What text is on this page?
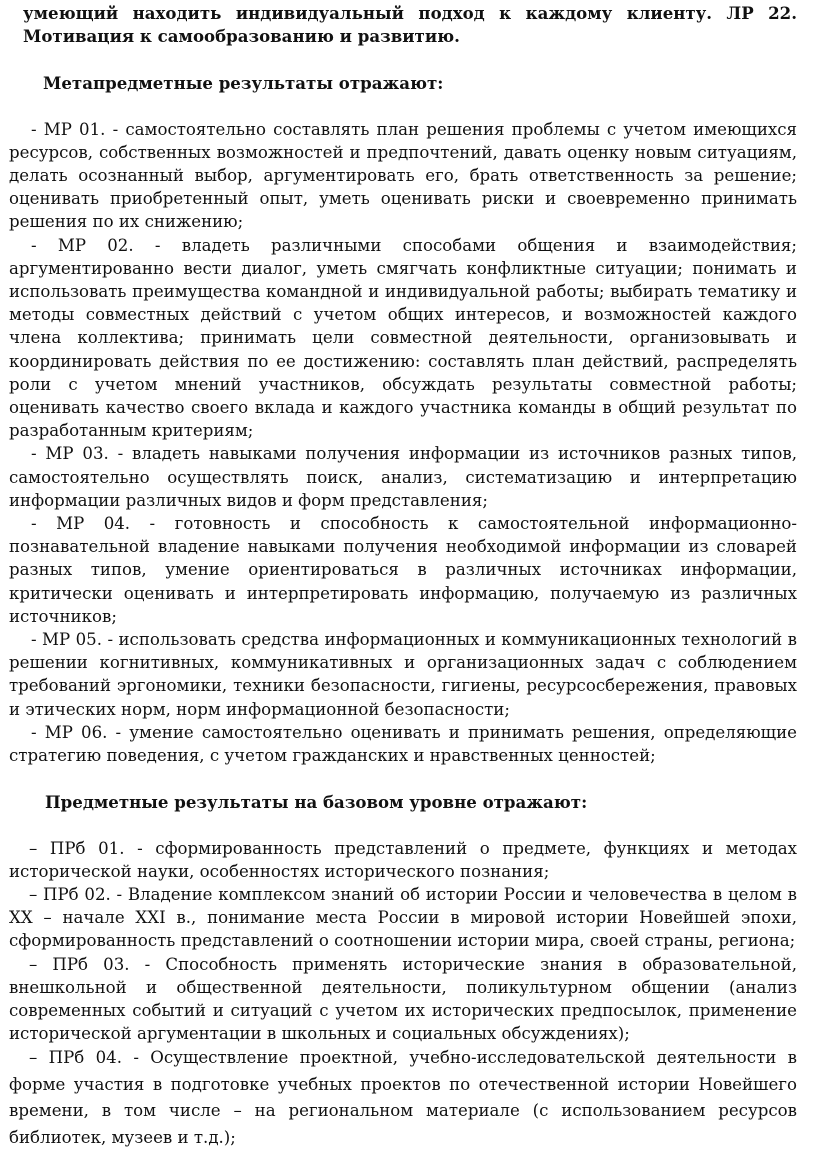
умеющий находить индивидуальный подход к каждому клиенту. ЛР 22. Мотивация к самообразованию и развитию.

Метапредметные результаты отражают:

- МР 01. - самостоятельно составлять план решения проблемы с учетом имеющихся ресурсов, собственных возможностей и предпочтений, давать оценку новым ситуациям, делать осознанный выбор, аргументировать его, брать ответственность за решение; оценивать приобретенный опыт, уметь оценивать риски и своевременно принимать решения по их снижению;

- МР 02. - владеть различными способами общения и взаимодействия; аргументированно вести диалог, уметь смягчать конфликтные ситуации; понимать и использовать преимущества командной и индивидуальной работы; выбирать тематику и методы совместных действий с учетом общих интересов, и возможностей каждого члена коллектива; принимать цели совместной деятельности, организовывать и координировать действия по ее достижению: составлять план действий, распределять роли с учетом мнений участников, обсуждать результаты совместной работы; оценивать качество своего вклада и каждого участника команды в общий результат по разработанным критериям;

- МР 03. - владеть навыками получения информации из источников разных типов, самостоятельно осуществлять поиск, анализ, систематизацию и интерпретацию информации различных видов и форм представления;

- МР 04. - готовность и способность к самостоятельной информационно-познавательной владение навыками получения необходимой информации из словарей разных типов, умение ориентироваться в различных источниках информации, критически оценивать и интерпретировать информацию, получаемую из различных источников;

- МР 05. - использовать средства информационных и коммуникационных технологий в решении когнитивных, коммуникативных и организационных задач с соблюдением требований эргономики, техники безопасности, гигиены, ресурсосбережения, правовых и этических норм, норм информационной безопасности;

- МР 06. - умение самостоятельно оценивать и принимать решения, определяющие стратегию поведения, с учетом гражданских и нравственных ценностей;

Предметные результаты на базовом уровне отражают:

– ПРб 01. - сформированность представлений о предмете, функциях и методах исторической науки, особенностях исторического познания;

– ПРб 02. - Владение комплексом знаний об истории России и человечества в целом в XX – начале XXI в., понимание места России в мировой истории Новейшей эпохи, сформированность представлений о соотношении истории мира, своей страны, региона;

– ПРб 03. - Способность применять исторические знания в образовательной, внешкольной и общественной деятельности, поликультурном общении (анализ современных событий и ситуаций с учетом их исторических предпосылок, применение исторической аргументации в школьных и социальных обсуждениях);

– ПРб 04. - Осуществление проектной, учебно-исследовательской деятельности в форме участия в подготовке учебных проектов по отечественной истории Новейшего времени, в том числе – на региональном материале (с использованием ресурсов библиотек, музеев и т.д.);
